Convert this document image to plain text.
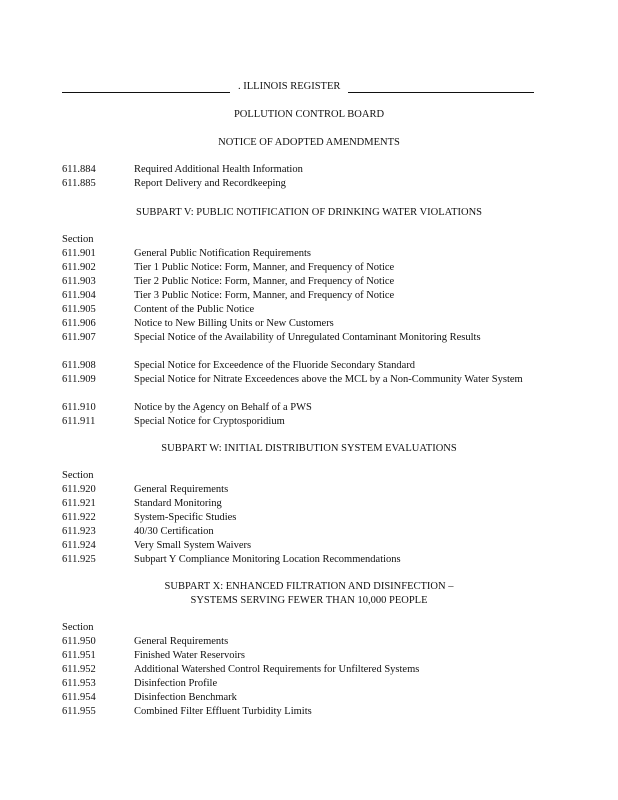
. ILLINOIS REGISTER
POLLUTION CONTROL BOARD
NOTICE OF ADOPTED AMENDMENTS
611.884	Required Additional Health Information
611.885	Report Delivery and Recordkeeping
SUBPART V: PUBLIC NOTIFICATION OF DRINKING WATER VIOLATIONS
Section
611.901	General Public Notification Requirements
611.902	Tier 1 Public Notice: Form, Manner, and Frequency of Notice
611.903	Tier 2 Public Notice: Form, Manner, and Frequency of Notice
611.904	Tier 3 Public Notice: Form, Manner, and Frequency of Notice
611.905	Content of the Public Notice
611.906	Notice to New Billing Units or New Customers
611.907	Special Notice of the Availability of Unregulated Contaminant Monitoring Results
611.908	Special Notice for Exceedence of the Fluoride Secondary Standard
611.909	Special Notice for Nitrate Exceedences above the MCL by a Non-Community Water System
611.910	Notice by the Agency on Behalf of a PWS
611.911	Special Notice for Cryptosporidium
SUBPART W: INITIAL DISTRIBUTION SYSTEM EVALUATIONS
Section
611.920	General Requirements
611.921	Standard Monitoring
611.922	System-Specific Studies
611.923	40/30 Certification
611.924	Very Small System Waivers
611.925	Subpart Y Compliance Monitoring Location Recommendations
SUBPART X: ENHANCED FILTRATION AND DISINFECTION –
SYSTEMS SERVING FEWER THAN 10,000 PEOPLE
Section
611.950	General Requirements
611.951	Finished Water Reservoirs
611.952	Additional Watershed Control Requirements for Unfiltered Systems
611.953	Disinfection Profile
611.954	Disinfection Benchmark
611.955	Combined Filter Effluent Turbidity Limits
